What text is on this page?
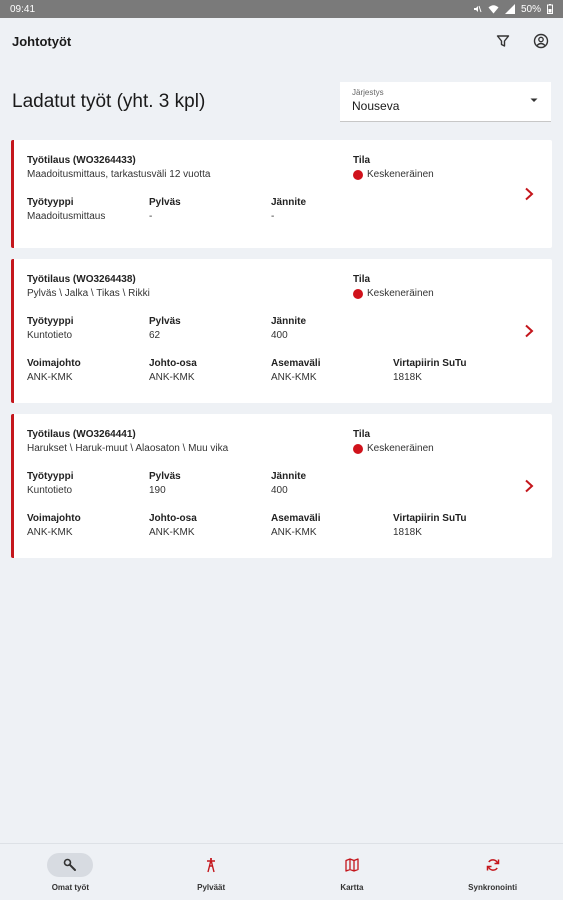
09:41	50%
Johtotyöt
Ladatut työt (yht. 3 kpl)	Järjestys
Nouseva
Työtilaus (WO3264433)
Maadoitusmittaus, tarkastusväli 12 vuotta
Tila
Keskeneräinen
Työtyyppi
Maadoitusmittaus
Pylväs
-
Jännite
-
Työtilaus (WO3264438)
Pylväs \ Jalka \ Tikas \ Rikki
Tila
Keskeneräinen
Työtyyppi
Kuntotieto
Pylväs
62
Jännite
400
Voimajohto
ANK-KMK
Johto-osa
ANK-KMK
Asemaväli
ANK-KMK
Virtapiirin SuTu
1818K
Työtilaus (WO3264441)
Harukset \ Haruk-muut \ Alaosaton \ Muu vika
Tila
Keskeneräinen
Työtyyppi
Kuntotieto
Pylväs
190
Jännite
400
Voimajohto
ANK-KMK
Johto-osa
ANK-KMK
Asemaväli
ANK-KMK
Virtapiirin SuTu
1818K
Omat työt	Pylväät	Kartta	Synkronointi
